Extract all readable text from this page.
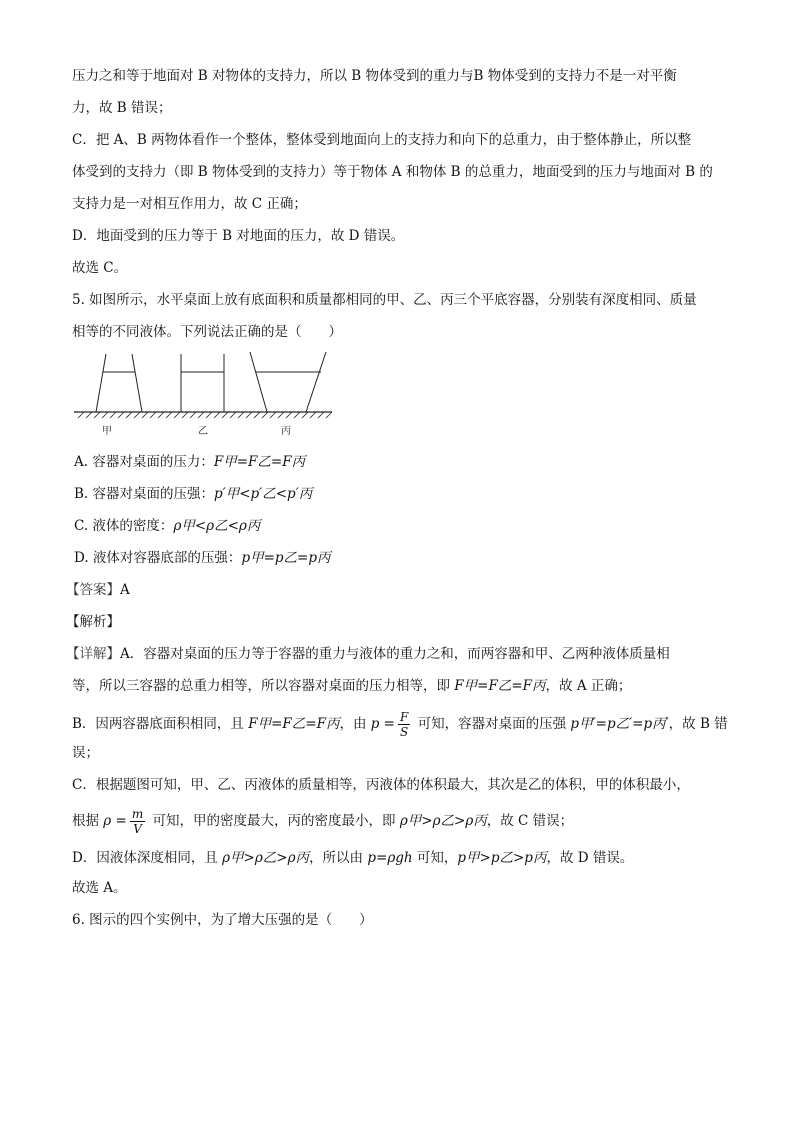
压力之和等于地面对 B 对物体的支持力，所以 B 物体受到的重力与B 物体受到的支持力不是一对平衡
力，故 B 错误；
C．把 A、B 两物体看作一个整体，整体受到地面向上的支持力和向下的总重力，由于整体静止，所以整
体受到的支持力（即 B 物体受到的支持力）等于物体 A 和物体 B 的总重力，地面受到的压力与地面对 B 的
支持力是一对相互作用力，故 C 正确；
D．地面受到的压力等于 B 对地面的压力，故 D 错误。
故选 C。
5. 如图所示，水平桌面上放有底面积和质量都相同的甲、乙、丙三个平底容器，分别装有深度相同、质量
相等的不同液体。下列说法正确的是（　　）
甲	乙	丙
A. 容器对桌面的压力：F甲=F乙=F丙
B. 容器对桌面的压强：p′甲<p′乙<p′丙
C. 液体的密度：ρ甲<ρ乙<ρ丙
D. 液体对容器底部的压强：p甲=p乙=p丙
【答案】A
【解析】
【详解】A．容器对桌面的压力等于容器的重力与液体的重力之和，而两容器和甲、乙两种液体质量相
等，所以三容器的总重力相等，所以容器对桌面的压力相等，即 F甲=F乙=F丙，故 A 正确；
B．因两容器底面积相同，且 F甲=F乙=F丙，由 $p = \frac{F}{S}$ 可知，容器对桌面的压强 p甲′=p乙′=p丙′，故 B 错
误；
C．根据题图可知，甲、乙、丙液体的质量相等，丙液体的体积最大，其次是乙的体积，甲的体积最小，
根据 $\rho = \frac{m}{V}$ 可知，甲的密度最大，丙的密度最小，即 ρ甲>ρ乙>ρ丙，故 C 错误；
D．因液体深度相同，且 ρ甲>ρ乙>ρ丙，所以由 p=ρgh 可知，p甲>p乙>p丙，故 D 错误。
故选 A。
6. 图示的四个实例中，为了增大压强的是（　　）
